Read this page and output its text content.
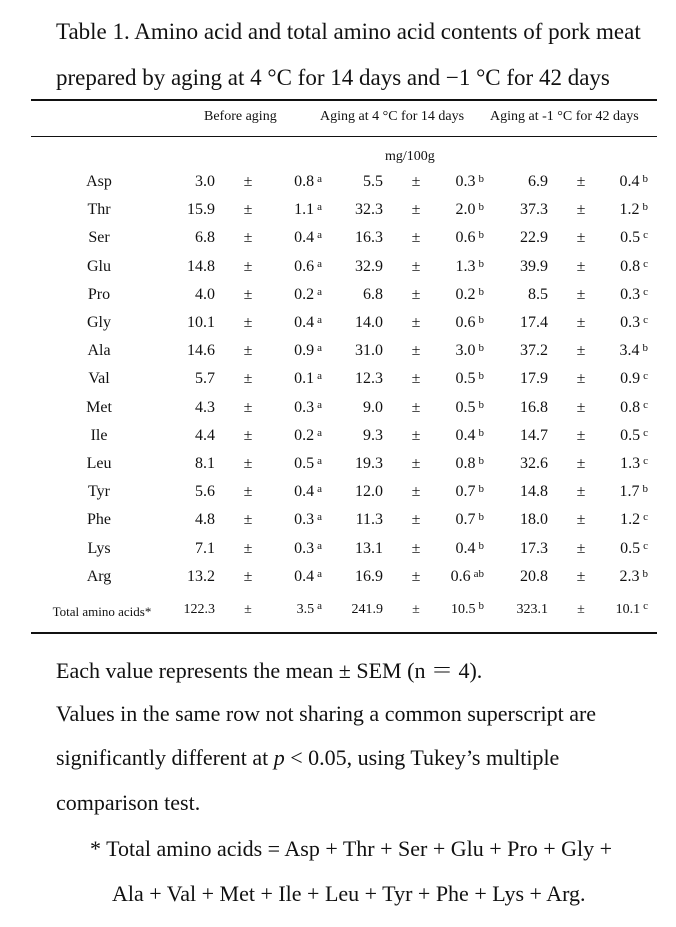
Table 1. Amino acid and total amino acid contents of pork meat
prepared by aging at 4 °C for 14 days and −1 °C for 42 days
Before aging	Aging at 4 °C for 14 days Aging at -1 °C for 42 days
mg/100g
Asp	3.0	±	0.8 $^a$	5.5	±	0.3 $^b$	6.9	±	0.4 $^b$
Thr	15.9	±	1.1 $^a$ 32.3	±	2.0 $^b$ 37.3	±	1.2 $^b$
Ser	6.8	±	0.4 $^a$ 16.3	±	0.6 $^b$ 22.9	±	0.5 $^c$
Glu	14.8	±	0.6 $^a$ 32.9	±	1.3 $^b$ 39.9	±	0.8 $^c$
Pro	4.0	±	0.2 $^a$	6.8	±	0.2 $^b$	8.5	±	0.3 $^c$
Gly	10.1	±	0.4 $^a$ 14.0	±	0.6 $^b$ 17.4	±	0.3 $^c$
Ala	14.6	±	0.9 $^a$ 31.0	±	3.0 $^b$ 37.2	±	3.4 $^b$
Val	5.7	±	0.1 $^a$ 12.3	±	0.5 $^b$ 17.9	±	0.9 $^c$
Met	4.3	±	0.3 $^a$	9.0	±	0.5 $^b$ 16.8	±	0.8 $^c$
Ile	4.4	±	0.2 $^a$	9.3	±	0.4 $^b$ 14.7	±	0.5 $^c$
Leu	8.1	±	0.5 $^a$ 19.3	±	0.8 $^b$ 32.6	±	1.3 $^c$
Tyr	5.6	±	0.4 $^a$ 12.0	±	0.7 $^b$ 14.8	±	1.7 $^b$
Phe	4.8	±	0.3 $^a$ 11.3	±	0.7 $^b$ 18.0	±	1.2 $^c$
Lys	7.1	±	0.3 $^a$ 13.1	±	0.4 $^b$ 17.3	±	0.5 $^c$
Arg	13.2	±	0.4 $^a$ 16.9	±	0.6 $^{ab}$ 20.8	±	2.3 $^b$
Total amino acids*	122.3	±	3.5 $^a$ 241.9	±	10.5 $^b$ 323.1	±	10.1 $^c$
Each value represents the mean ± SEM (n ＝ 4).
Values in the same row not sharing a common superscript are
significantly different at p < 0.05, using Tukey’s multiple
comparison test.
* Total amino acids = Asp + Thr + Ser + Glu + Pro + Gly +
Ala + Val + Met + Ile + Leu + Tyr + Phe + Lys + Arg.
